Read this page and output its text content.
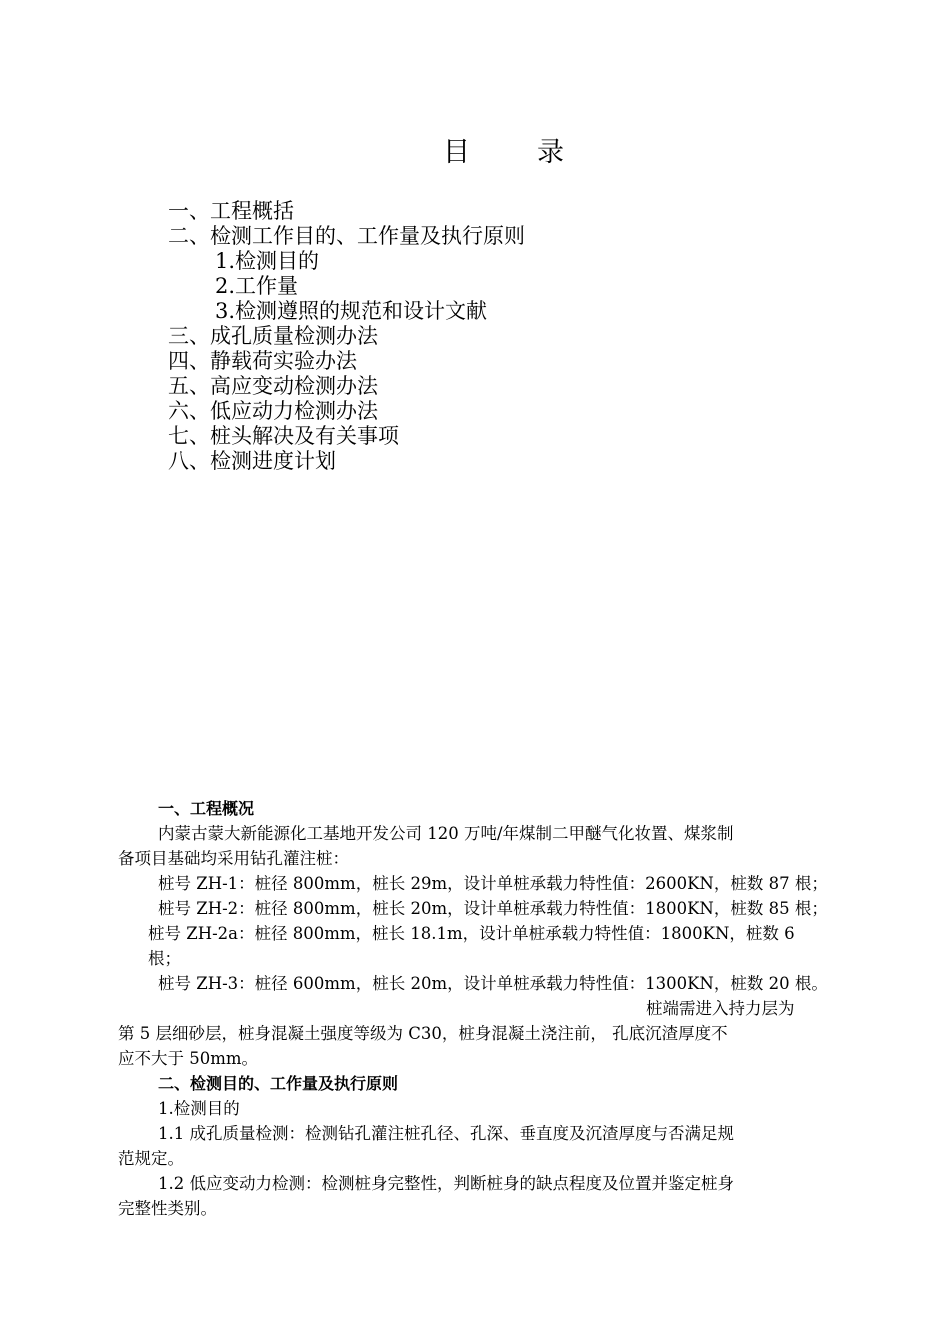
目 录
一、工程概括
二、检测工作目的、工作量及执行原则
1.检测目的
2.工作量
3.检测遵照的规范和设计文献
三、成孔质量检测办法
四、静载荷实验办法
五、高应变动检测办法
六、低应动力检测办法
七、桩头解决及有关事项
八、检测进度计划
一、工程概况
内蒙古蒙大新能源化工基地开发公司 120 万吨/年煤制二甲醚气化妆置、煤浆制
备项目基础均采用钻孔灌注桩：
桩号 ZH-1：桩径 800mm，桩长 29m，设计单桩承载力特性值：2600KN，桩数 87 根；
桩号 ZH-2：桩径 800mm，桩长 20m，设计单桩承载力特性值：1800KN，桩数 85 根；
桩号 ZH-2a：桩径 800mm，桩长 18.1m，设计单桩承载力特性值：1800KN，桩数 6
根；
桩号 ZH-3：桩径 600mm，桩长 20m，设计单桩承载力特性值：1300KN，桩数 20 根。
桩端需进入持力层为
第 5 层细砂层，桩身混凝土强度等级为 C30，桩身混凝土浇注前， 孔底沉渣厚度不
应不大于 50mm。
二、检测目的、工作量及执行原则
1.检测目的
1.1 成孔质量检测：检测钻孔灌注桩孔径、孔深、垂直度及沉渣厚度与否满足规
范规定。
1.2 低应变动力检测：检测桩身完整性，判断桩身的缺点程度及位置并鉴定桩身
完整性类别。
